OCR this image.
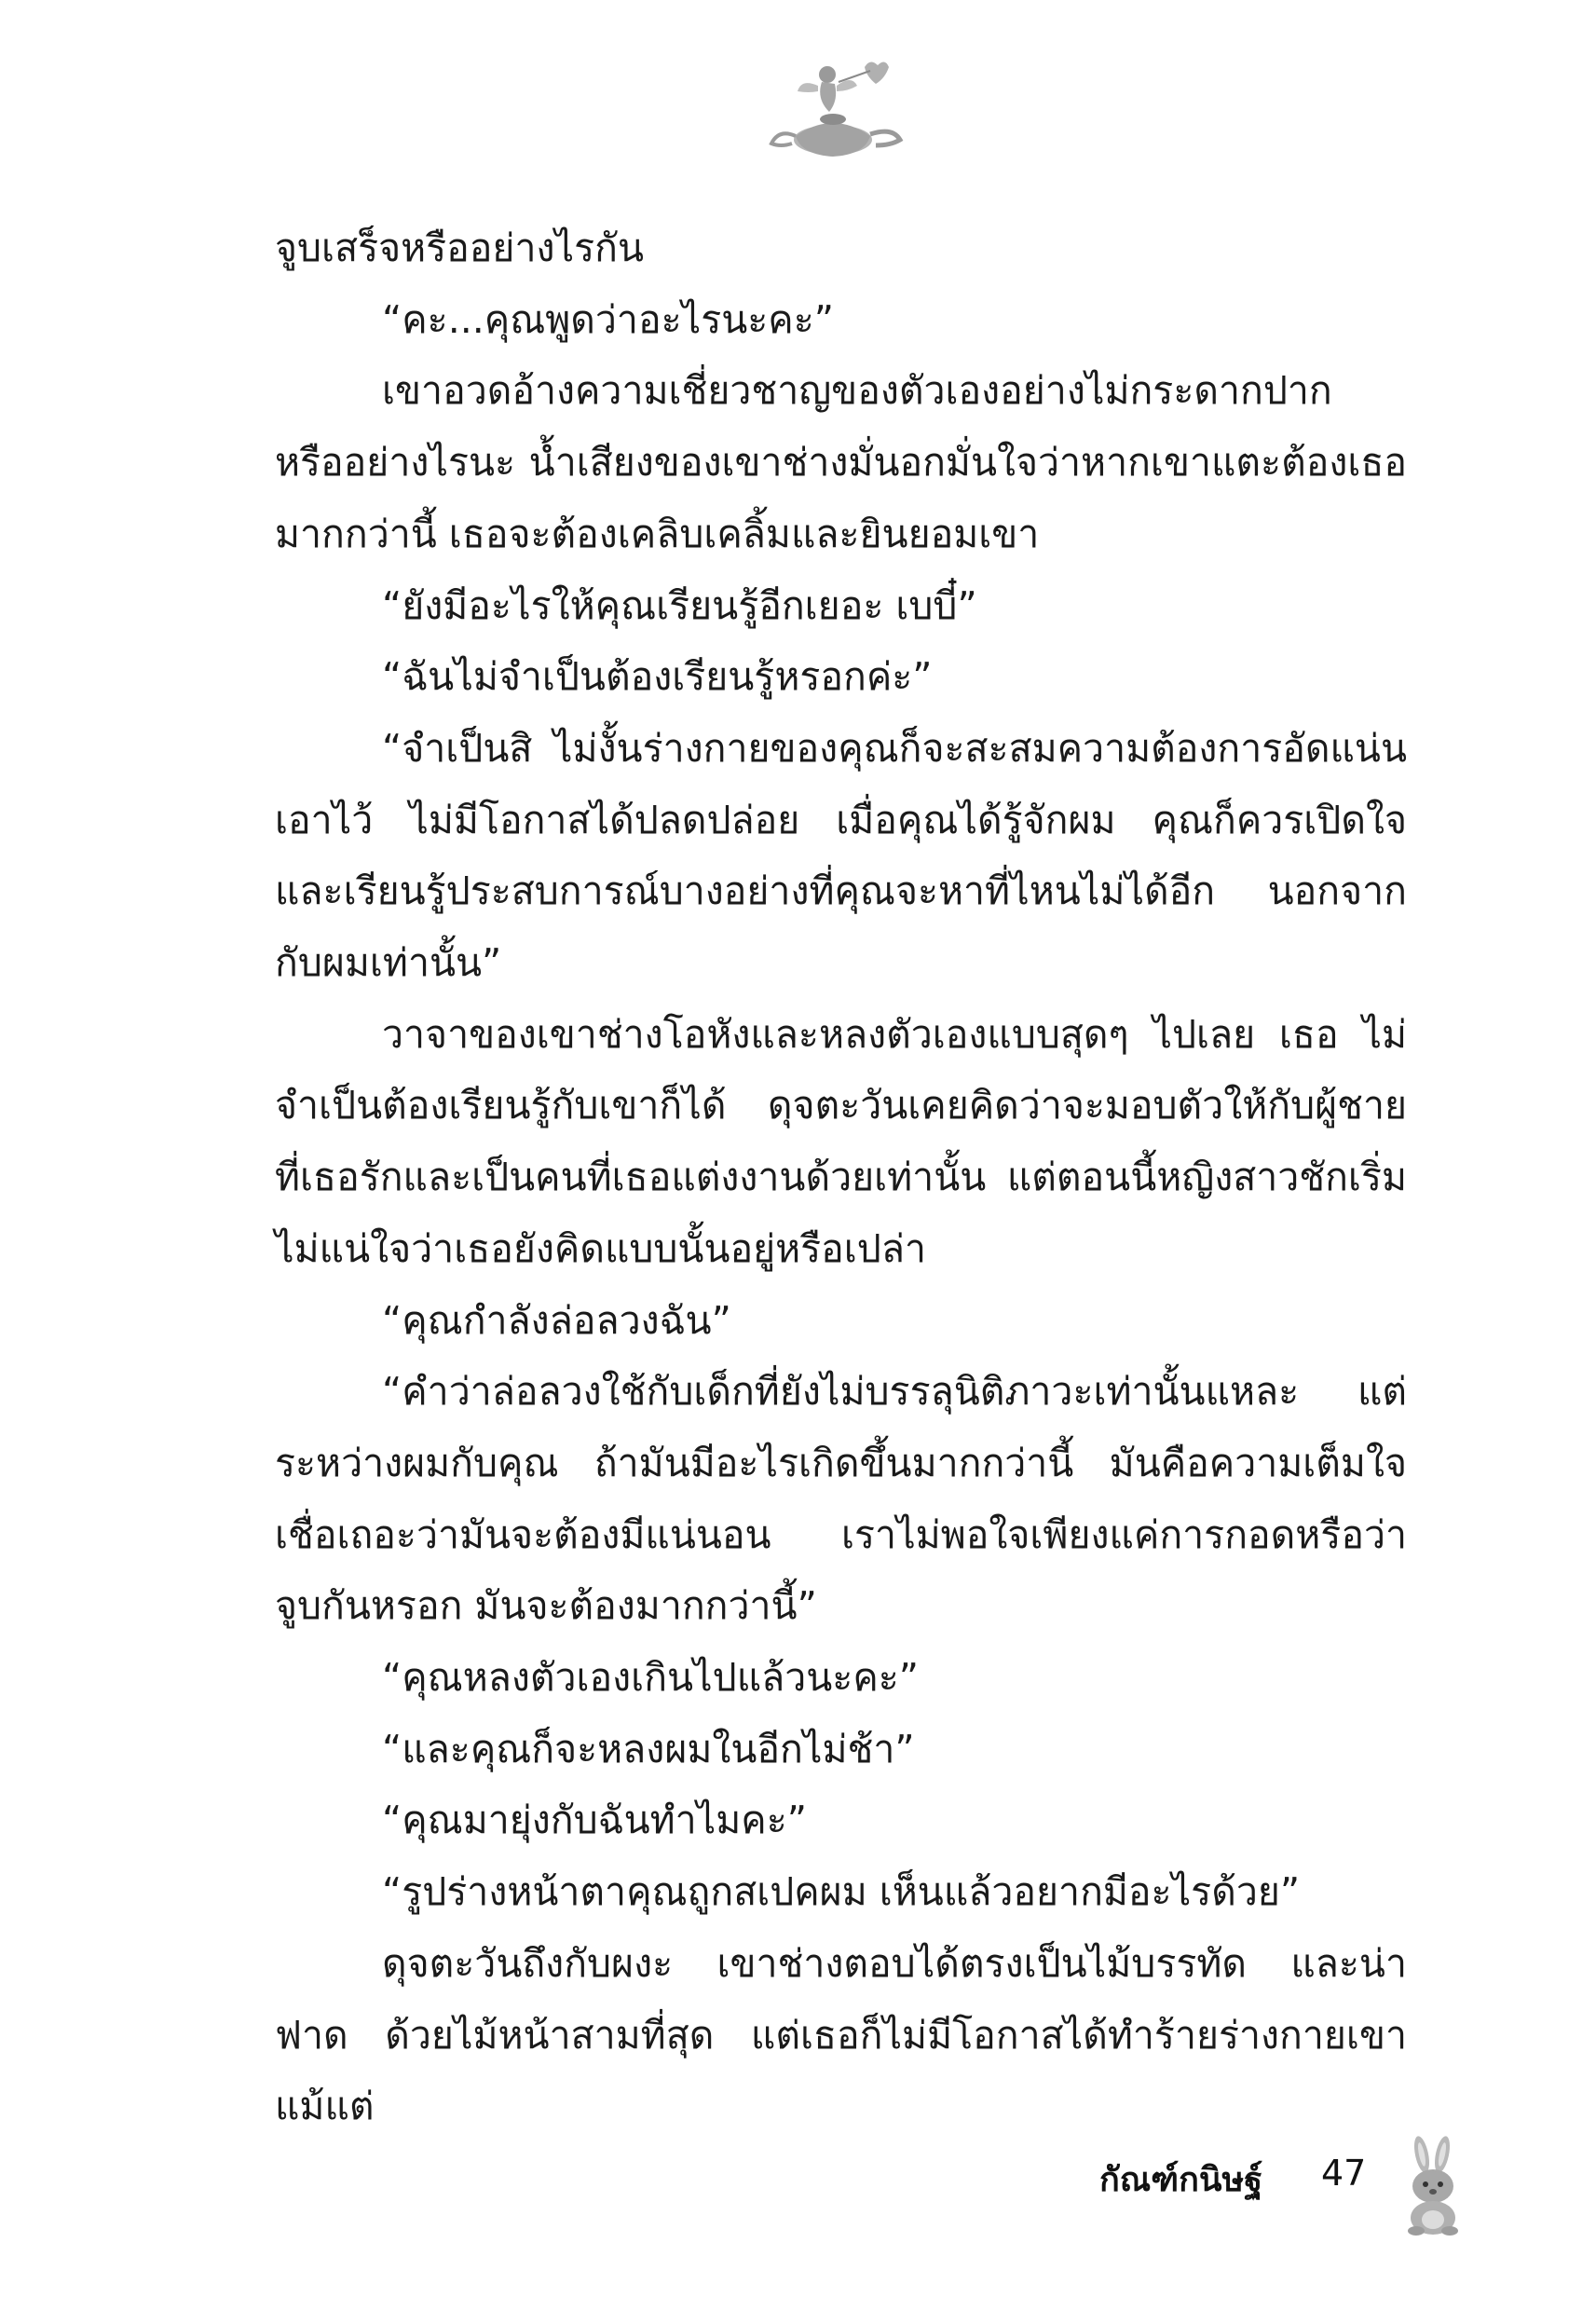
จูบเสร็จหรืออย่างไรกัน

“คะ...คุณพูดว่าอะไรนะคะ”

เขาอวดอ้างความเชี่ยวชาญของตัวเองอย่างไม่กระดากปาก หรืออย่างไรนะ น้ำเสียงของเขาช่างมั่นอกมั่นใจว่าหากเขาแตะต้องเธอ มากกว่านี้ เธอจะต้องเคลิบเคลิ้มและยินยอมเขา

“ยังมีอะไรให้คุณเรียนรู้อีกเยอะ เบบี๋”

“ฉันไม่จำเป็นต้องเรียนรู้หรอกค่ะ”

“จำเป็นสิ ไม่งั้นร่างกายของคุณก็จะสะสมความต้องการอัดแน่น เอาไว้ ไม่มีโอกาสได้ปลดปล่อย เมื่อคุณได้รู้จักผม คุณก็ควรเปิดใจ และเรียนรู้ประสบการณ์บางอย่างที่คุณจะหาที่ไหนไม่ได้อีก นอกจาก กับผมเท่านั้น”

วาจาของเขาช่างโอหังและหลงตัวเองแบบสุดๆ ไปเลย เธอ ไม่จำเป็นต้องเรียนรู้กับเขาก็ได้ ดุจตะวันเคยคิดว่าจะมอบตัวให้กับผู้ชาย ที่เธอรักและเป็นคนที่เธอแต่งงานด้วยเท่านั้น แต่ตอนนี้หญิงสาวชักเริ่ม ไม่แน่ใจว่าเธอยังคิดแบบนั้นอยู่หรือเปล่า

“คุณกำลังล่อลวงฉัน”

“คำว่าล่อลวงใช้กับเด็กที่ยังไม่บรรลุนิติภาวะเท่านั้นแหละ แต่ ระหว่างผมกับคุณ ถ้ามันมีอะไรเกิดขึ้นมากกว่านี้ มันคือความเต็มใจ เชื่อเถอะว่ามันจะต้องมีแน่นอน เราไม่พอใจเพียงแค่การกอดหรือว่า จูบกันหรอก มันจะต้องมากกว่านี้”

“คุณหลงตัวเองเกินไปแล้วนะคะ”

“และคุณก็จะหลงผมในอีกไม่ช้า”

“คุณมายุ่งกับฉันทำไมคะ”

“รูปร่างหน้าตาคุณถูกสเปคผม เห็นแล้วอยากมีอะไรด้วย”

ดุจตะวันถึงกับผงะ เขาช่างตอบได้ตรงเป็นไม้บรรทัด และน่าฟาด ด้วยไม้หน้าสามที่สุด แต่เธอก็ไม่มีโอกาสได้ทำร้ายร่างกายเขาแม้แต่

กัณฑ์กนิษฐ์ 47
